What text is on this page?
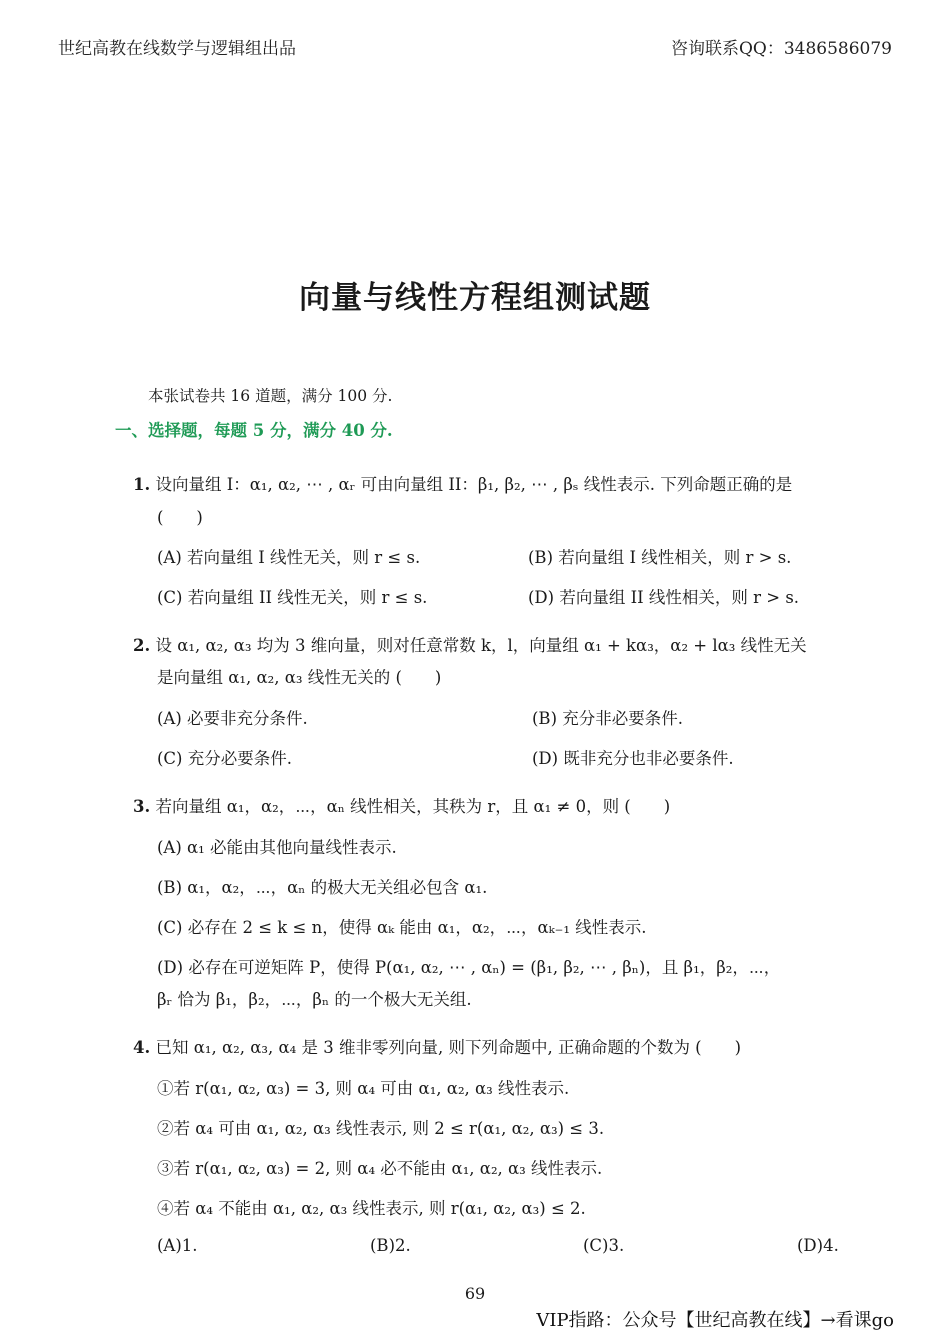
世纪高教在线数学与逻辑组出品	咨询联系QQ：3486586079
向量与线性方程组测试题
本张试卷共 16 道题，满分 100 分.
一、选择题，每题 5 分，满分 40 分.
1. 设向量组 I：α₁, α₂, ⋯ , αᵣ 可由向量组 II：β₁, β₂, ⋯ , βₛ 线性表示. 下列命题正确的是
(　　)
(A) 若向量组 I 线性无关，则 r ≤ s.	(B) 若向量组 I 线性相关，则 r > s.
(C) 若向量组 II 线性无关，则 r ≤ s.	(D) 若向量组 II 线性相关，则 r > s.
2. 设 α₁, α₂, α₃ 均为 3 维向量，则对任意常数 k，l，向量组 α₁ + kα₃，α₂ + lα₃ 线性无关
是向量组 α₁, α₂, α₃ 线性无关的 (　　)
(A) 必要非充分条件.	(B) 充分非必要条件.
(C) 充分必要条件.	(D) 既非充分也非必要条件.
3. 若向量组 α₁，α₂，⋯，αₙ 线性相关，其秩为 r，且 α₁ ≠ 0，则 (　　)
(A) α₁ 必能由其他向量线性表示.
(B) α₁，α₂，⋯，αₙ 的极大无关组必包含 α₁.
(C) 必存在 2 ≤ k ≤ n，使得 αₖ 能由 α₁，α₂，⋯，αₖ₋₁ 线性表示.
(D) 必存在可逆矩阵 P，使得 P(α₁, α₂, ⋯ , αₙ) = (β₁, β₂, ⋯ , βₙ)，且 β₁，β₂，⋯，
βᵣ 恰为 β₁，β₂，⋯，βₙ 的一个极大无关组.
4. 已知 α₁, α₂, α₃, α₄ 是 3 维非零列向量, 则下列命题中, 正确命题的个数为 (　　)
①若 r(α₁, α₂, α₃) = 3, 则 α₄ 可由 α₁, α₂, α₃ 线性表示.
②若 α₄ 可由 α₁, α₂, α₃ 线性表示, 则 2 ≤ r(α₁, α₂, α₃) ≤ 3.
③若 r(α₁, α₂, α₃) = 2, 则 α₄ 必不能由 α₁, α₂, α₃ 线性表示.
④若 α₄ 不能由 α₁, α₂, α₃ 线性表示, 则 r(α₁, α₂, α₃) ≤ 2.
(A)1.	(B)2.	(C)3.	(D)4.
69
VIP指路：公众号【世纪高教在线】→看课go
